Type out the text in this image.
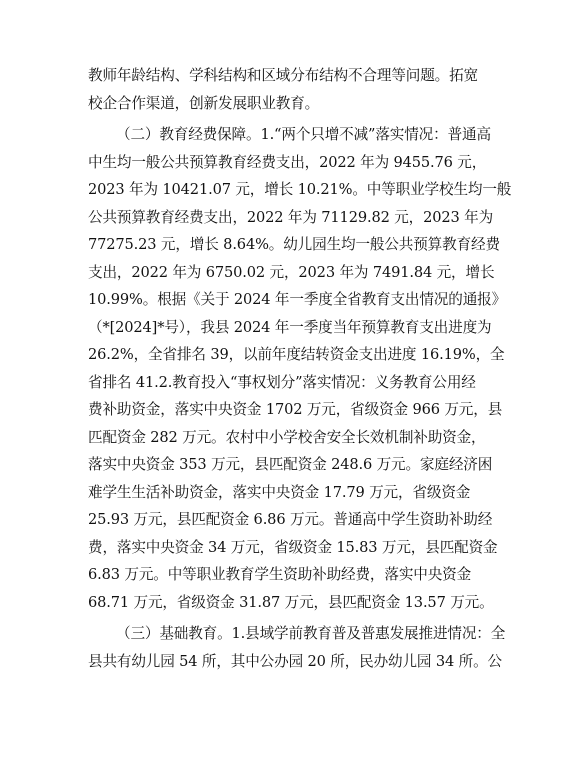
教师年龄结构、学科结构和区域分布结构不合理等问题。拓宽
校企合作渠道，创新发展职业教育。
（二）教育经费保障。1.“两个只增不减”落实情况：普通高
中生均一般公共预算教育经费支出，2022 年为 9455.76 元，
2023 年为 10421.07 元，增长 10.21%。中等职业学校生均一般
公共预算教育经费支出，2022 年为 71129.82 元，2023 年为
77275.23 元，增长 8.64%。幼儿园生均一般公共预算教育经费
支出，2022 年为 6750.02 元，2023 年为 7491.84 元，增长
10.99%。根据《关于 2024 年一季度全省教育支出情况的通报》
（*[2024]*号），我县 2024 年一季度当年预算教育支出进度为
26.2%，全省排名 39，以前年度结转资金支出进度 16.19%，全
省排名 41.2.教育投入“事权划分”落实情况：义务教育公用经
费补助资金，落实中央资金 1702 万元，省级资金 966 万元，县
匹配资金 282 万元。农村中小学校舍安全长效机制补助资金，
落实中央资金 353 万元，县匹配资金 248.6 万元。家庭经济困
难学生生活补助资金，落实中央资金 17.79 万元，省级资金
25.93 万元，县匹配资金 6.86 万元。普通高中学生资助补助经
费，落实中央资金 34 万元，省级资金 15.83 万元，县匹配资金
6.83 万元。中等职业教育学生资助补助经费，落实中央资金
68.71 万元，省级资金 31.87 万元，县匹配资金 13.57 万元。
（三）基础教育。1.县域学前教育普及普惠发展推进情况：全
县共有幼儿园 54 所，其中公办园 20 所，民办幼儿园 34 所。公
